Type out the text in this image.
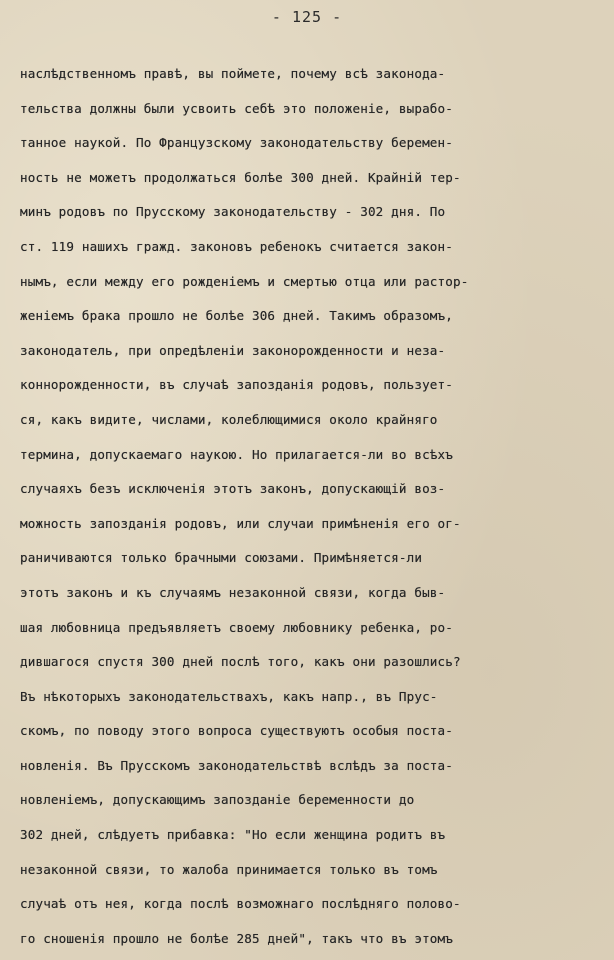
- 125 -
наслѣдственномъ правѣ, вы поймете, почему всѣ законода-
тельства должны были усвоить себѣ это положеніе, вырабо-
танное наукой. По Французскому законодательству беремен-
ность не можетъ продолжаться болѣе 300 дней. Крайній тер-
минъ родовъ по Прусскому законодательству - 302 дня. По
ст. 119 нашихъ гражд. законовъ ребенокъ считается закон-
нымъ, если между его рожденіемъ и смертью отца или растор-
женіемъ брака прошло не болѣе 306 дней. Такимъ образомъ,
законодатель, при опредѣленіи законорожденности и неза-
коннорожденности, въ случаѣ запозданія родовъ, пользует-
ся, какъ видите, числами, колеблющимися около крайняго
термина, допускаемаго наукою. Но прилагается-ли во всѣхъ
случаяхъ безъ исключенія этотъ законъ, допускающій воз-
можность запозданія родовъ, или случаи примѣненія его ог-
раничиваются только брачными союзами. Примѣняется-ли
этотъ законъ и къ случаямъ незаконной связи, когда быв-
шая любовница предъявляетъ своему любовнику ребенка, ро-
дившагося спустя 300 дней послѣ того, какъ они разошлись?
Въ нѣкоторыхъ законодательствахъ, какъ напр., въ Прус-
скомъ, по поводу этого вопроса существуютъ особыя поста-
новленія. Въ Прусскомъ законодательствѣ вслѣдъ за поста-
новленіемъ, допускающимъ запозданіе беременности до
302 дней, слѣдуетъ прибавка: "Но если женщина родитъ въ
незаконной связи, то жалоба принимается только въ томъ
случаѣ отъ нея, когда послѣ возможнаго послѣдняго полово-
го сношенія прошло не болѣе 285 дней", такъ что въ этомъ
